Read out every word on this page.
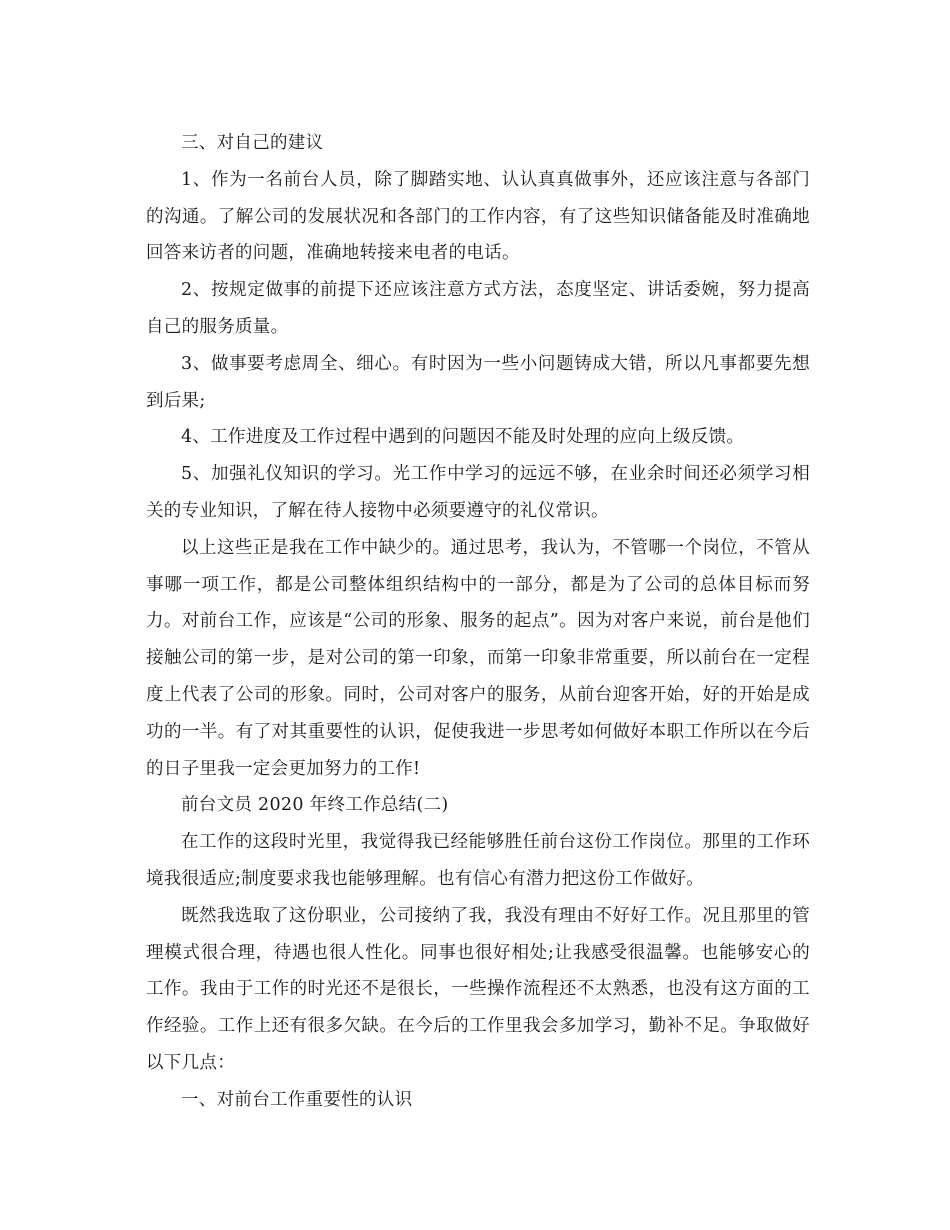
三、对自己的建议

1、作为一名前台人员，除了脚踏实地、认认真真做事外，还应该注意与各部门的沟通。了解公司的发展状况和各部门的工作内容，有了这些知识储备能及时准确地回答来访者的问题，准确地转接来电者的电话。

2、按规定做事的前提下还应该注意方式方法，态度坚定、讲话委婉，努力提高自己的服务质量。

3、做事要考虑周全、细心。有时因为一些小问题铸成大错，所以凡事都要先想到后果;

4、工作进度及工作过程中遇到的问题因不能及时处理的应向上级反馈。

5、加强礼仪知识的学习。光工作中学习的远远不够，在业余时间还必须学习相关的专业知识，了解在待人接物中必须要遵守的礼仪常识。

以上这些正是我在工作中缺少的。通过思考，我认为，不管哪一个岗位，不管从事哪一项工作，都是公司整体组织结构中的一部分，都是为了公司的总体目标而努力。对前台工作，应该是“公司的形象、服务的起点”。因为对客户来说，前台是他们接触公司的第一步，是对公司的第一印象，而第一印象非常重要，所以前台在一定程度上代表了公司的形象。同时，公司对客户的服务，从前台迎客开始，好的开始是成功的一半。有了对其重要性的认识，促使我进一步思考如何做好本职工作所以在今后的日子里我一定会更加努力的工作!

前台文员 2020 年终工作总结(二)

在工作的这段时光里，我觉得我已经能够胜任前台这份工作岗位。那里的工作环境我很适应;制度要求我也能够理解。也有信心有潜力把这份工作做好。

既然我选取了这份职业，公司接纳了我，我没有理由不好好工作。况且那里的管理模式很合理，待遇也很人性化。同事也很好相处;让我感受很温馨。也能够安心的工作。我由于工作的时光还不是很长，一些操作流程还不太熟悉，也没有这方面的工作经验。工作上还有很多欠缺。在今后的工作里我会多加学习，勤补不足。争取做好以下几点：

一、对前台工作重要性的认识
